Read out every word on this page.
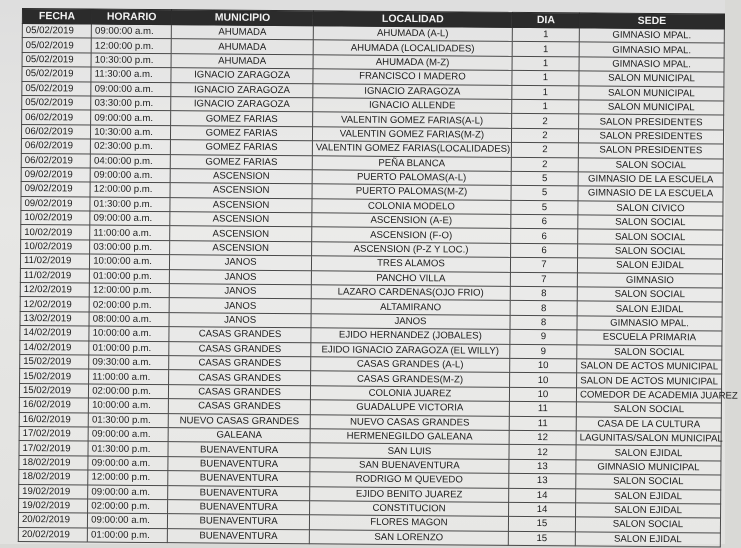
FECHA	HORARIO	MUNICIPIO	LOCALIDAD	DIA	SEDE
05/02/2019	09:00:00 a.m.	AHUMADA	AHUMADA (A-L)	1	GIMNASIO MPAL.
05/02/2019	12:00:00 p.m.	AHUMADA	AHUMADA (LOCALIDADES)	1	GIMNASIO MPAL.
05/02/2019	10:30:00 p.m.	AHUMADA	AHUMADA (M-Z)	1	GIMNASIO MPAL.
05/02/2019	11:30:00 a.m.	IGNACIO ZARAGOZA	FRANCISCO I MADERO	1	SALON MUNICIPAL
05/02/2019	09:00:00 a.m.	IGNACIO ZARAGOZA	IGNACIO ZARAGOZA	1	SALON MUNICIPAL
05/02/2019	03:30:00 p.m.	IGNACIO ZARAGOZA	IGNACIO ALLENDE	1	SALON MUNICIPAL
06/02/2019	09:00:00 a.m.	GOMEZ FARIAS	VALENTIN GOMEZ FARIAS(A-L)	2	SALON PRESIDENTES
06/02/2019	10:30:00 a.m.	GOMEZ FARIAS	VALENTIN GOMEZ FARIAS(M-Z)	2	SALON PRESIDENTES
06/02/2019	02:30:00 p.m.	GOMEZ FARIAS	VALENTIN GOMEZ FARIAS(LOCALIDADES)	2	SALON PRESIDENTES
06/02/2019	04:00:00 p.m.	GOMEZ FARIAS	PEÑA BLANCA	2	SALON SOCIAL
09/02/2019	09:00:00 a.m.	ASCENSION	PUERTO PALOMAS(A-L)	5	GIMNASIO DE LA ESCUELA
09/02/2019	12:00:00 p.m.	ASCENSION	PUERTO PALOMAS(M-Z)	5	GIMNASIO DE LA ESCUELA
09/02/2019	01:30:00 p.m.	ASCENSION	COLONIA MODELO	5	SALON CIVICO
10/02/2019	09:00:00 a.m.	ASCENSION	ASCENSION (A-E)	6	SALON SOCIAL
10/02/2019	11:00:00 a.m.	ASCENSION	ASCENSION (F-O)	6	SALON SOCIAL
10/02/2019	03:00:00 p.m.	ASCENSION	ASCENSION (P-Z Y LOC.)	6	SALON SOCIAL
11/02/2019	10:00:00 a.m.	JANOS	TRES ALAMOS	7	SALON EJIDAL
11/02/2019	01:00:00 p.m.	JANOS	PANCHO VILLA	7	GIMNASIO
12/02/2019	12:00:00 p.m.	JANOS	LAZARO CARDENAS(OJO FRIO)	8	SALON SOCIAL
12/02/2019	02:00:00 p.m.	JANOS	ALTAMIRANO	8	SALON EJIDAL
13/02/2019	08:00:00 a.m.	JANOS	JANOS	8	GIMNASIO MPAL.
14/02/2019	10:00:00 a.m.	CASAS GRANDES	EJIDO HERNANDEZ (JOBALES)	9	ESCUELA PRIMARIA
14/02/2019	01:00:00 p.m.	CASAS GRANDES	EJIDO IGNACIO ZARAGOZA (EL WILLY)	9	SALON SOCIAL
15/02/2019	09:30:00 a.m.	CASAS GRANDES	CASAS GRANDES (A-L)	10	SALON DE ACTOS MUNICIPAL
15/02/2019	11:00:00 a.m.	CASAS GRANDES	CASAS GRANDES(M-Z)	10	SALON DE ACTOS MUNICIPAL
15/02/2019	02:00:00 p.m.	CASAS GRANDES	COLONIA JUAREZ	10	COMEDOR DE ACADEMIA JUAREZ
16/02/2019	10:00:00 a.m.	CASAS GRANDES	GUADALUPE VICTORIA	11	SALON SOCIAL
16/02/2019	01:30:00 p.m.	NUEVO CASAS GRANDES	NUEVO CASAS GRANDES	11	CASA DE LA CULTURA
17/02/2019	09:00:00 a.m.	GALEANA	HERMENEGILDO GALEANA	12	LAGUNITAS/SALON MUNICIPAL
17/02/2019	01:30:00 p.m.	BUENAVENTURA	SAN LUIS	12	SALON EJIDAL
18/02/2019	09:00:00 a.m.	BUENAVENTURA	SAN BUENAVENTURA	13	GIMNASIO MUNICIPAL
18/02/2019	12:00:00 p.m.	BUENAVENTURA	RODRIGO M QUEVEDO	13	SALON SOCIAL
19/02/2019	09:00:00 a.m.	BUENAVENTURA	EJIDO BENITO JUAREZ	14	SALON EJIDAL
19/02/2019	02:00:00 p.m.	BUENAVENTURA	CONSTITUCION	14	SALON EJIDAL
20/02/2019	09:00:00 a.m.	BUENAVENTURA	FLORES MAGON	15	SALON SOCIAL
20/02/2019	01:00:00 p.m.	BUENAVENTURA	SAN LORENZO	15	SALON EJIDAL
